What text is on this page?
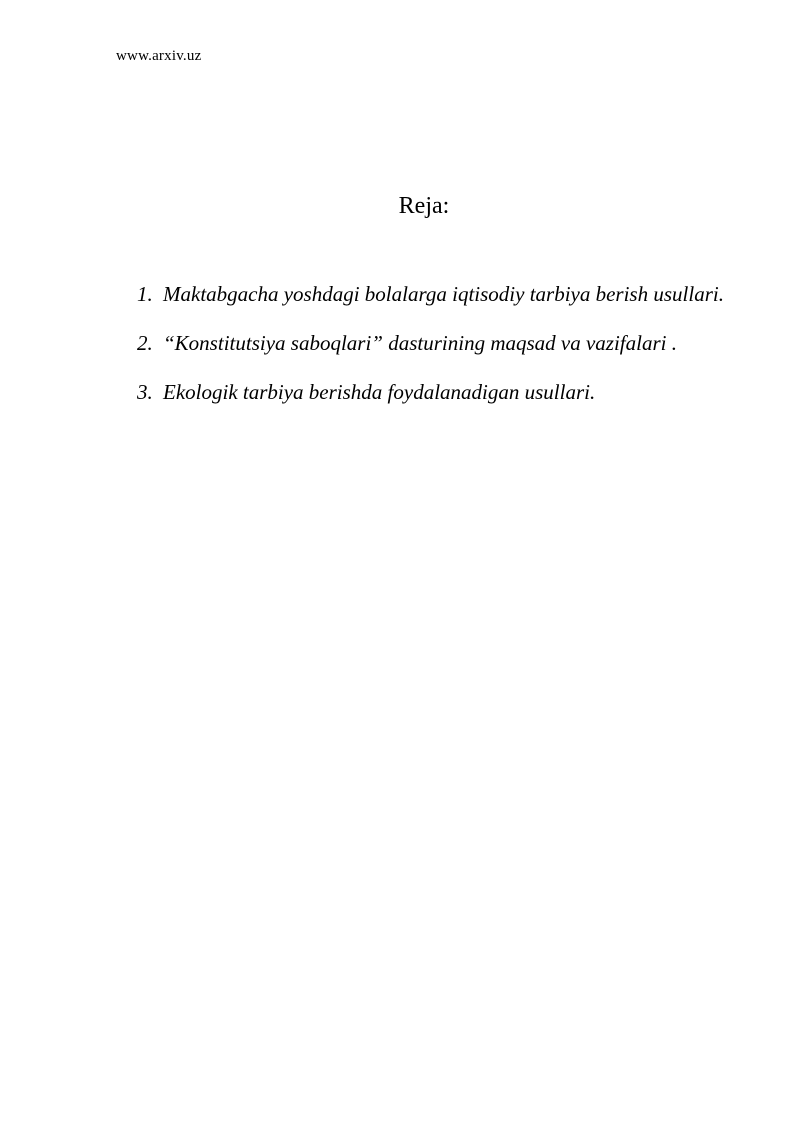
www.arxiv.uz
Reja:
1. Maktabgacha yoshdagi bolalarga iqtisodiy tarbiya berish usullari.
2. “Konstitutsiya saboqlari” dasturining maqsad va vazifalari .
3. Ekologik tarbiya berishda foydalanadigan usullari.
